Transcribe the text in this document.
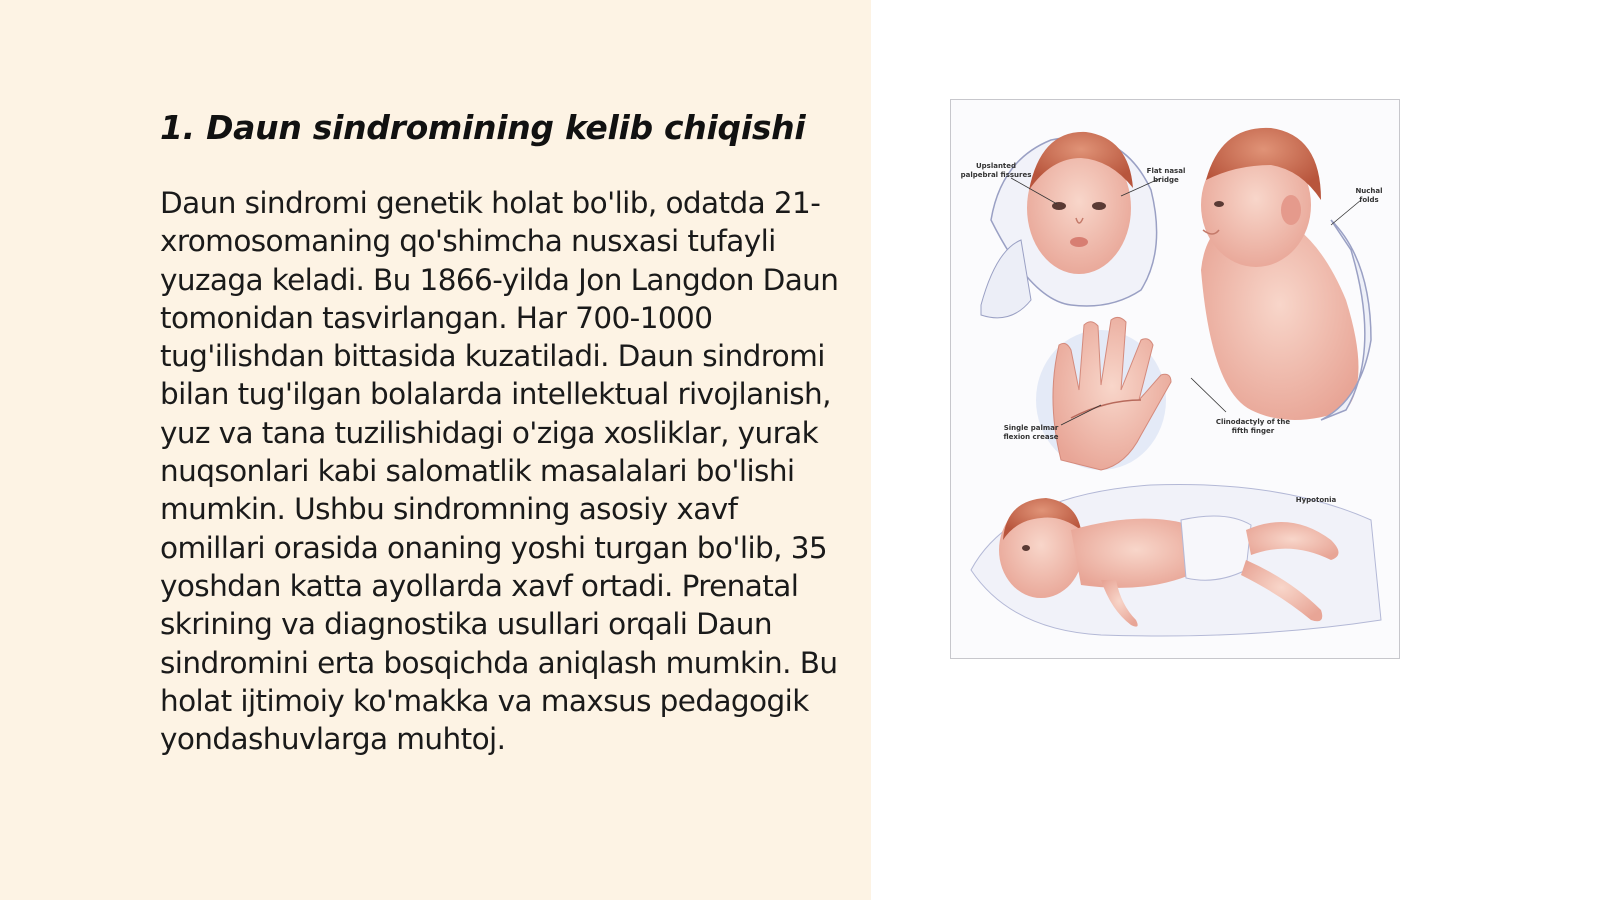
1. Daun sindromining kelib chiqishi

Daun sindromi genetik holat bo'lib, odatda 21-xromosomaning qo'shimcha nusxasi tufayli yuzaga keladi. Bu 1866-yilda Jon Langdon Daun tomonidan tasvirlangan. Har 700-1000 tug'ilishdan bittasida kuzatiladi. Daun sindromi bilan tug'ilgan bolalarda intellektual rivojlanish, yuz va tana tuzilishidagi o'ziga xosliklar, yurak nuqsonlari kabi salomatlik masalalari bo'lishi mumkin. Ushbu sindromning asosiy xavf omillari orasida onaning yoshi turgan bo'lib, 35 yoshdan katta ayollarda xavf ortadi. Prenatal skrining va diagnostika usullari orqali Daun sindromini erta bosqichda aniqlash mumkin. Bu holat ijtimoiy ko'makka va maxsus pedagogik yondashuvlarga muhtoj.

Upslanted
palpebral fissures	Flat nasal
bridge
Nuchal
folds
Single palmar
flexion crease
Clinodactyly of the
fifth finger
Hypotonia
